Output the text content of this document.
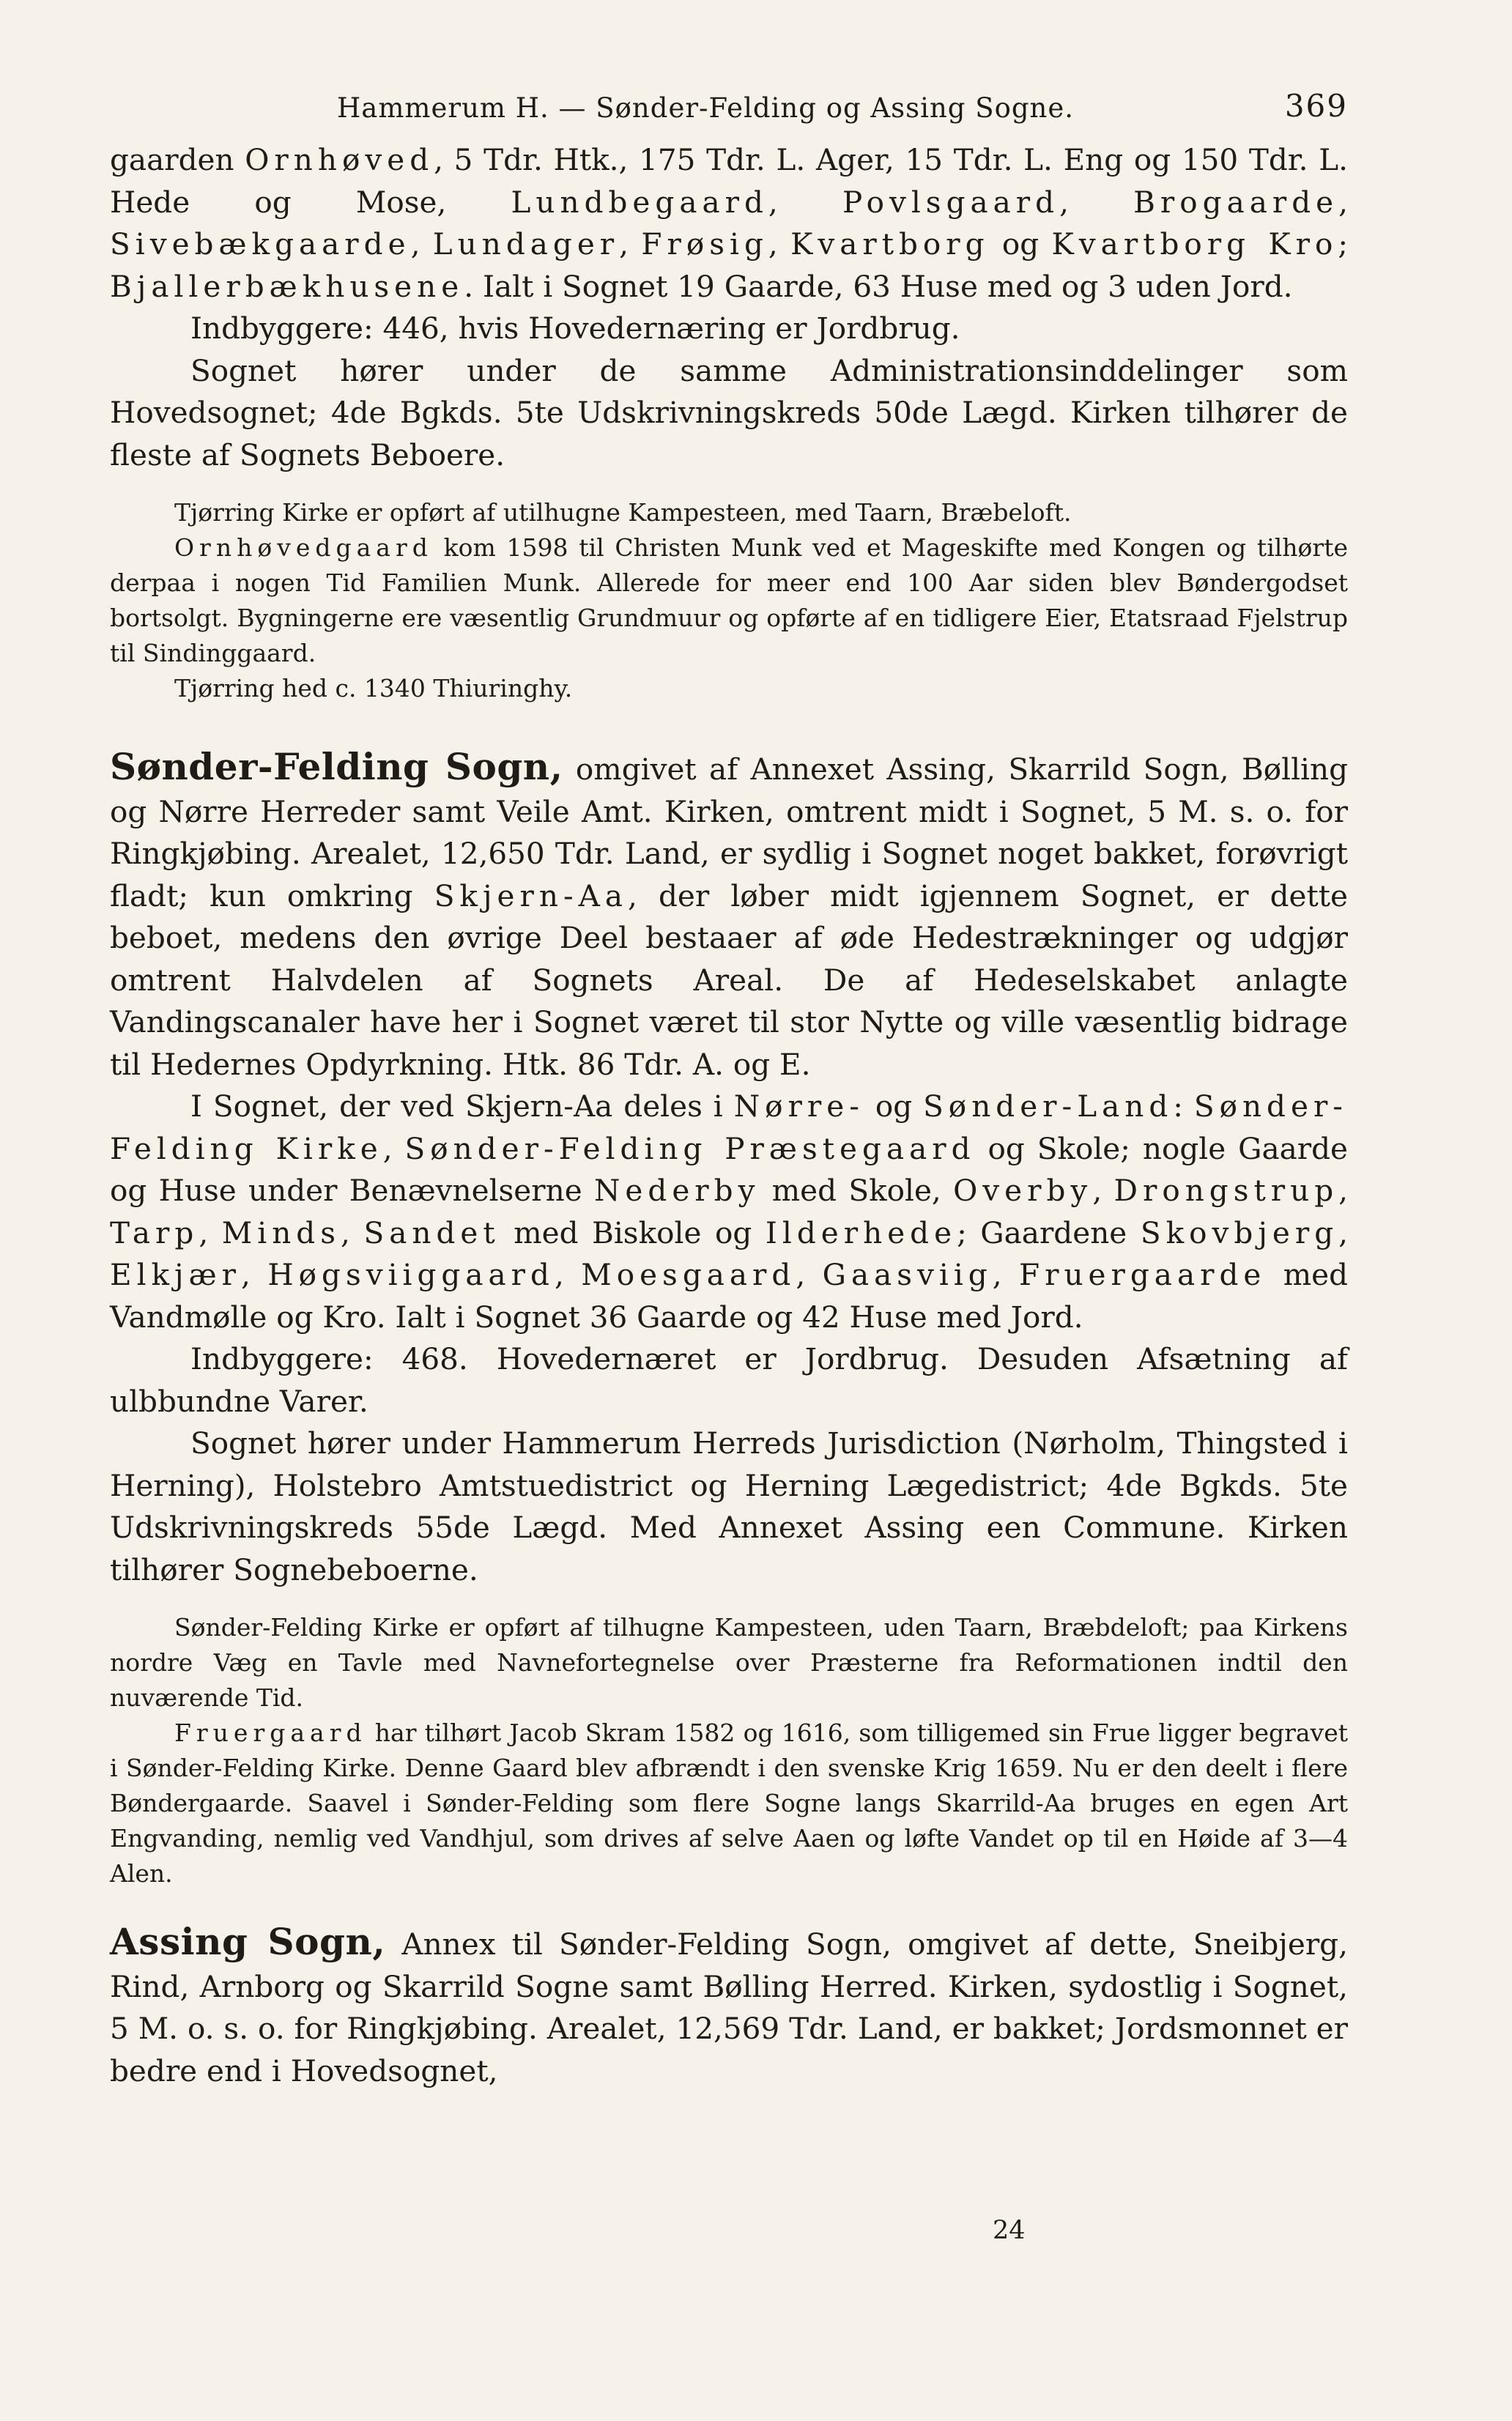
Hammerum H. — Sønder-Felding og Assing Sogne.	369

gaarden Ornhøved, 5 Tdr. Htk., 175 Tdr. L. Ager, 15 Tdr. L. Eng og 150 Tdr. L. Hede og Mose, Lundbegaard, Povlsgaard, Brogaarde, Sivebækgaarde, Lundager, Frøsig, Kvartborg og Kvartborg Kro; Bjallerbækhusene. Ialt i Sognet 19 Gaarde, 63 Huse med og 3 uden Jord.

Indbyggere: 446, hvis Hovedernæring er Jordbrug.

Sognet hører under de samme Administrationsinddelinger som Hovedsognet; 4de Bgkds. 5te Udskrivningskreds 50de Lægd. Kirken tilhører de fleste af Sognets Beboere.

Tjørring Kirke er opført af utilhugne Kampesteen, med Taarn, Bræbeloft.

Ornhøvedgaard kom 1598 til Christen Munk ved et Mageskifte med Kongen og tilhørte derpaa i nogen Tid Familien Munk. Allerede for meer end 100 Aar siden blev Bøndergodset bortsolgt. Bygningerne ere væsentlig Grundmuur og opførte af en tidligere Eier, Etatsraad Fjelstrup til Sindinggaard.

Tjørring hed c. 1340 Thiuringhy.

Sønder-Felding Sogn, omgivet af Annexet Assing, Skarrild Sogn, Bølling og Nørre Herreder samt Veile Amt. Kirken, omtrent midt i Sognet, 5 M. s. o. for Ringkjøbing. Arealet, 12,650 Tdr. Land, er sydlig i Sognet noget bakket, forøvrigt fladt; kun omkring Skjern-Aa, der løber midt igjennem Sognet, er dette beboet, medens den øvrige Deel bestaaer af øde Hedestrækninger og udgjør omtrent Halvdelen af Sognets Areal. De af Hedeselskabet anlagte Vandingscanaler have her i Sognet været til stor Nytte og ville væsentlig bidrage til Hedernes Opdyrkning. Htk. 86 Tdr. A. og E.

I Sognet, der ved Skjern-Aa deles i Nørre- og Sønder-Land: Sønder-Felding Kirke, Sønder-Felding Præstegaard og Skole; nogle Gaarde og Huse under Benævnelserne Nederby med Skole, Overby, Drongstrup, Tarp, Minds, Sandet med Biskole og Ilderhede; Gaardene Skovbjerg, Elkjær, Høgsviiggaard, Moesgaard, Gaasviig, Fruergaarde med Vandmølle og Kro. Ialt i Sognet 36 Gaarde og 42 Huse med Jord.

Indbyggere: 468. Hovedernæret er Jordbrug. Desuden Afsætning af ulbbundne Varer.

Sognet hører under Hammerum Herreds Jurisdiction (Nørholm, Thingsted i Herning), Holstebro Amtstuedistrict og Herning Lægedistrict; 4de Bgkds. 5te Udskrivningskreds 55de Lægd. Med Annexet Assing een Commune. Kirken tilhører Sognebeboerne.

Sønder-Felding Kirke er opført af tilhugne Kampesteen, uden Taarn, Bræbdeloft; paa Kirkens nordre Væg en Tavle med Navnefortegnelse over Præsterne fra Reformationen indtil den nuværende Tid.

Fruergaard har tilhørt Jacob Skram 1582 og 1616, som tilligemed sin Frue ligger begravet i Sønder-Felding Kirke. Denne Gaard blev afbrændt i den svenske Krig 1659. Nu er den deelt i flere Bøndergaarde. Saavel i Sønder-Felding som flere Sogne langs Skarrild-Aa bruges en egen Art Engvanding, nemlig ved Vandhjul, som drives af selve Aaen og løfte Vandet op til en Høide af 3—4 Alen.

Assing Sogn, Annex til Sønder-Felding Sogn, omgivet af dette, Sneibjerg, Rind, Arnborg og Skarrild Sogne samt Bølling Herred. Kirken, sydostlig i Sognet, 5 M. o. s. o. for Ringkjøbing. Arealet, 12,569 Tdr. Land, er bakket; Jordsmonnet er bedre end i Hovedsognet,

24
